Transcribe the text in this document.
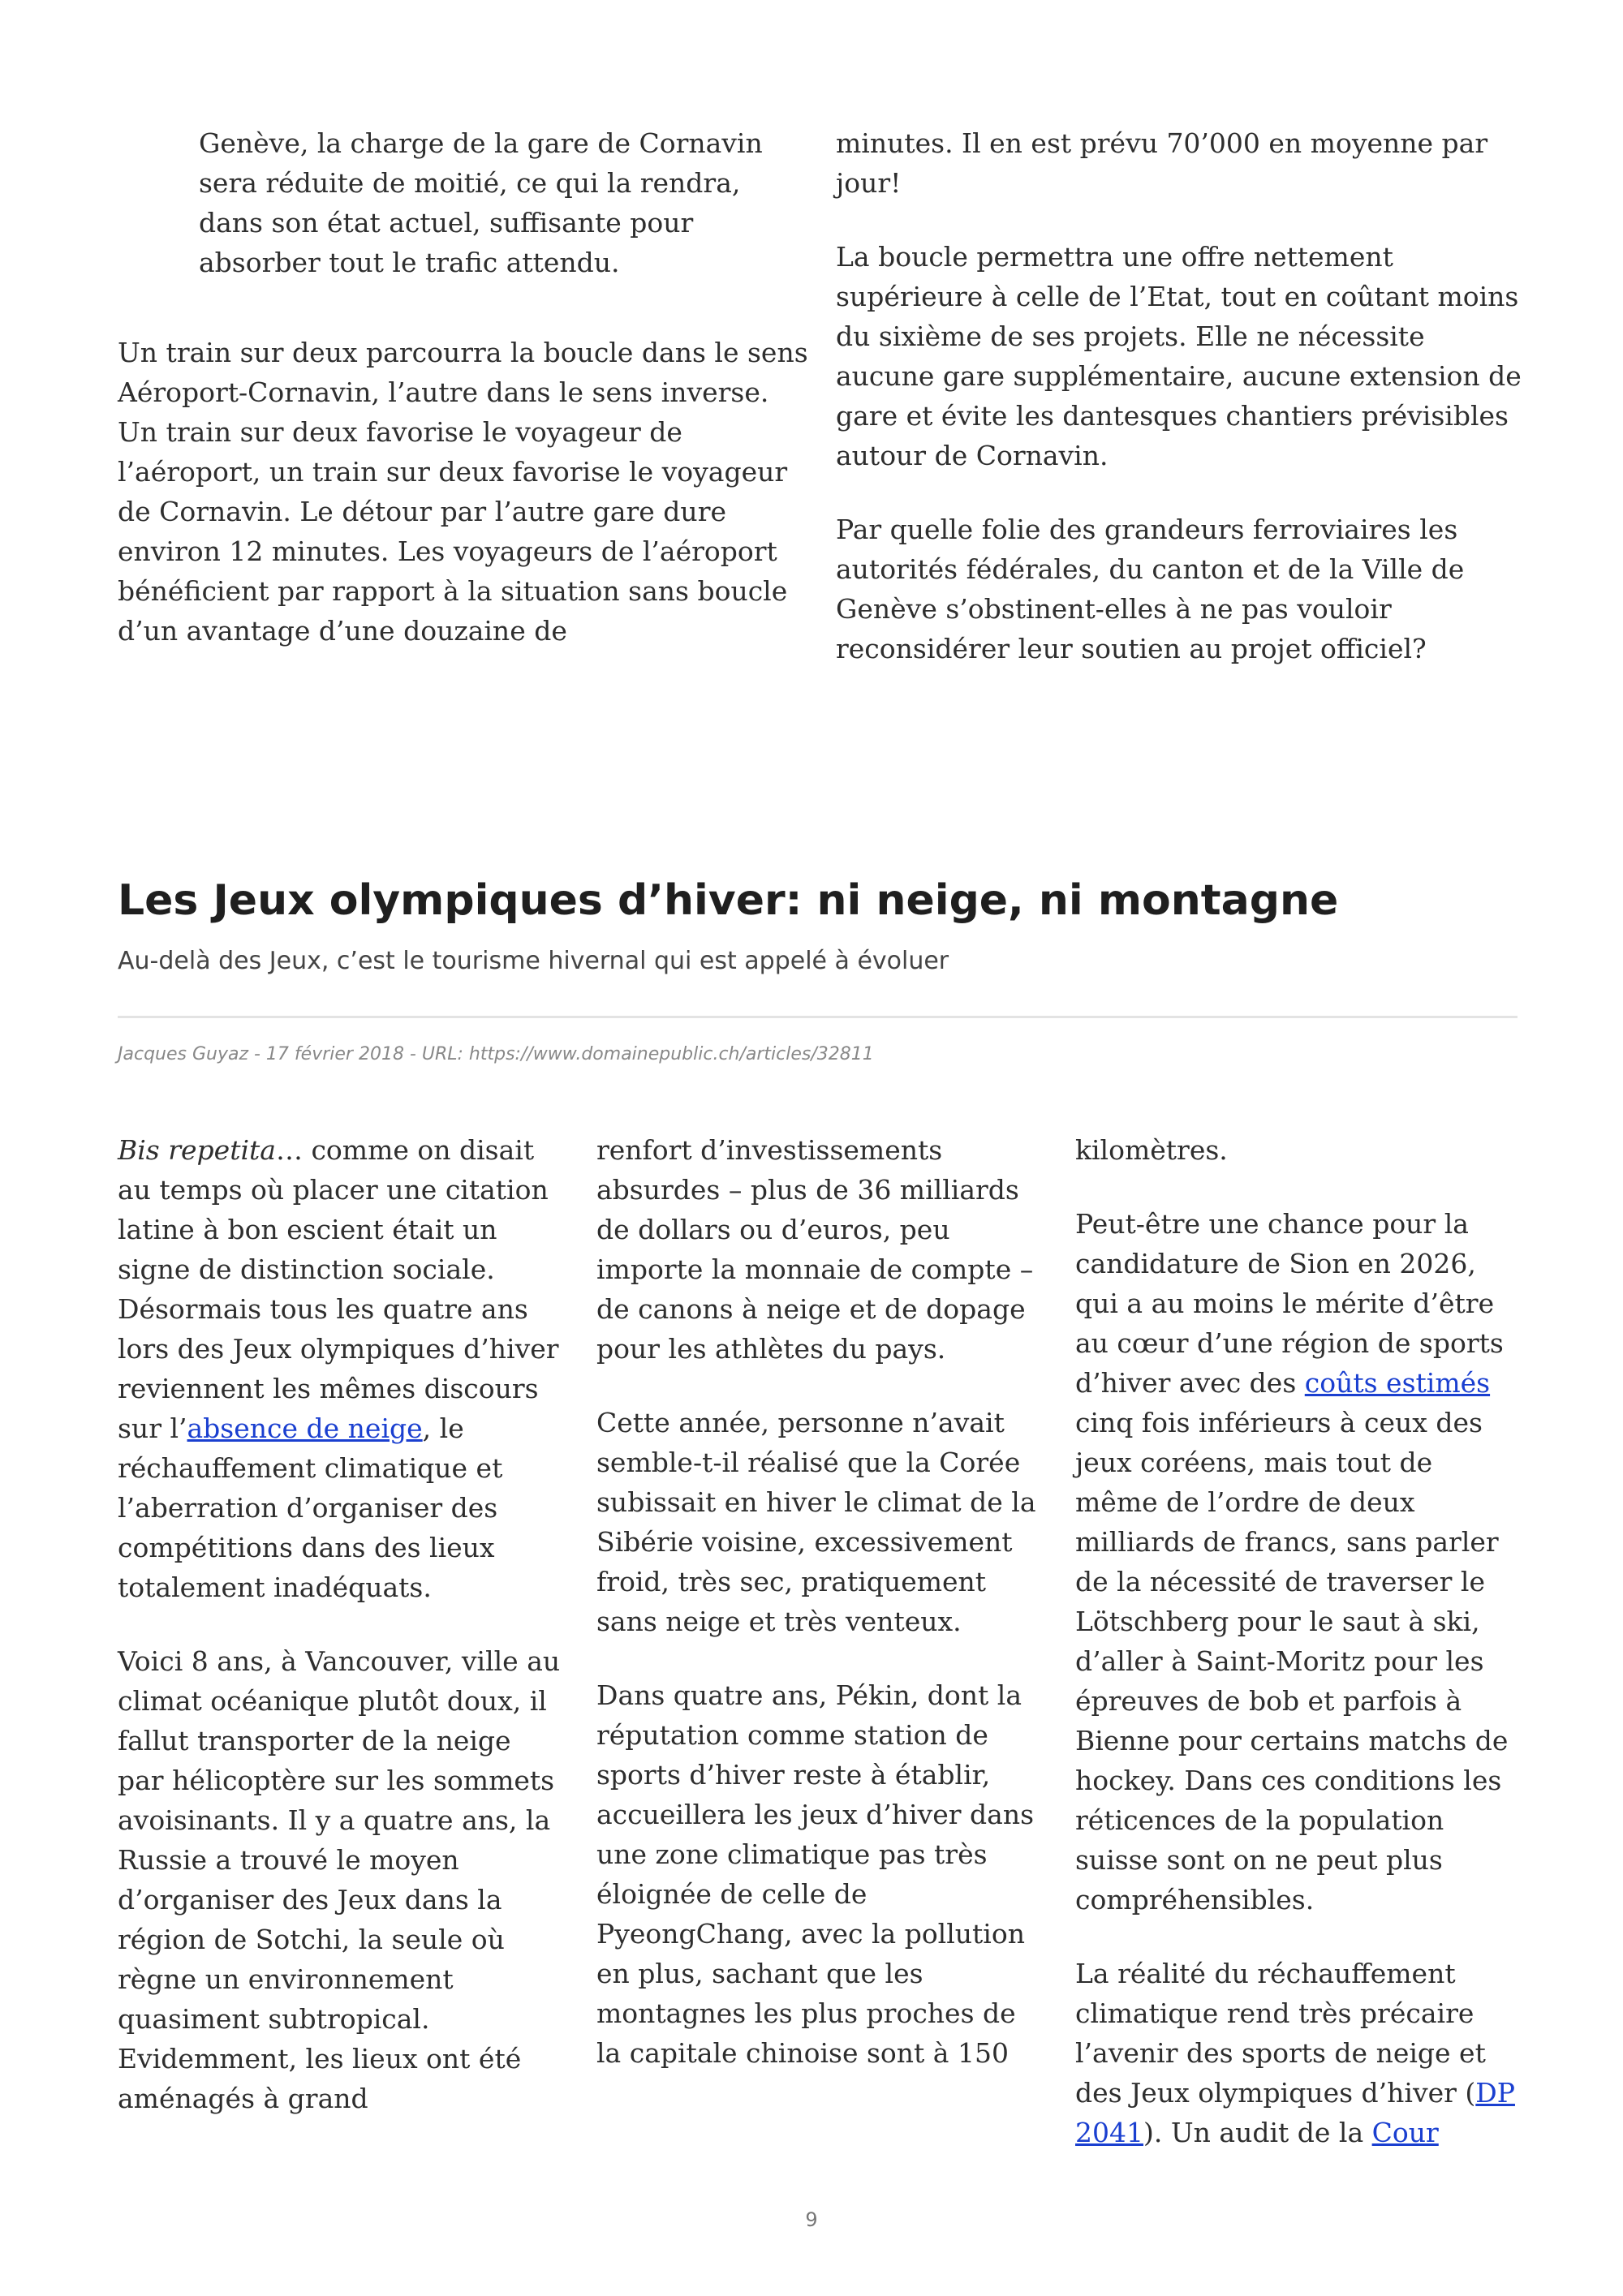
Genève, la charge de la gare de Cornavin sera réduite de moitié, ce qui la rendra, dans son état actuel, suffisante pour absorber tout le trafic attendu.

Un train sur deux parcourra la boucle dans le sens Aéroport-Cornavin, l’autre dans le sens inverse. Un train sur deux favorise le voyageur de l’aéroport, un train sur deux favorise le voyageur de Cornavin. Le détour par l’autre gare dure environ 12 minutes. Les voyageurs de l’aéroport bénéficient par rapport à la situation sans boucle d’un avantage d’une douzaine de

minutes. Il en est prévu 70’000 en moyenne par jour!

La boucle permettra une offre nettement supérieure à celle de l’Etat, tout en coûtant moins du sixième de ses projets. Elle ne nécessite aucune gare supplémentaire, aucune extension de gare et évite les dantesques chantiers prévisibles autour de Cornavin.

Par quelle folie des grandeurs ferroviaires les autorités fédérales, du canton et de la Ville de Genève s’obstinent-elles à ne pas vouloir reconsidérer leur soutien au projet officiel?

Les Jeux olympiques d’hiver: ni neige, ni montagne
Au-delà des Jeux, c’est le tourisme hivernal qui est appelé à évoluer
Jacques Guyaz - 17 février 2018 - URL: https://www.domainepublic.ch/articles/32811

Bis repetita… comme on disait au temps où placer une citation latine à bon escient était un signe de distinction sociale. Désormais tous les quatre ans lors des Jeux olympiques d’hiver reviennent les mêmes discours sur l’absence de neige, le réchauffement climatique et l’aberration d’organiser des compétitions dans des lieux totalement inadéquats.

Voici 8 ans, à Vancouver, ville au climat océanique plutôt doux, il fallut transporter de la neige par hélicoptère sur les sommets avoisinants. Il y a quatre ans, la Russie a trouvé le moyen d’organiser des Jeux dans la région de Sotchi, la seule où règne un environnement quasiment subtropical. Evidemment, les lieux ont été aménagés à grand

renfort d’investissements absurdes – plus de 36 milliards de dollars ou d’euros, peu importe la monnaie de compte – de canons à neige et de dopage pour les athlètes du pays.

Cette année, personne n’avait semble-t-il réalisé que la Corée subissait en hiver le climat de la Sibérie voisine, excessivement froid, très sec, pratiquement sans neige et très venteux.

Dans quatre ans, Pékin, dont la réputation comme station de sports d’hiver reste à établir, accueillera les jeux d’hiver dans une zone climatique pas très éloignée de celle de PyeongChang, avec la pollution en plus, sachant que les montagnes les plus proches de la capitale chinoise sont à 150

kilomètres.

Peut-être une chance pour la candidature de Sion en 2026, qui a au moins le mérite d’être au cœur d’une région de sports d’hiver avec des coûts estimés cinq fois inférieurs à ceux des jeux coréens, mais tout de même de l’ordre de deux milliards de francs, sans parler de la nécessité de traverser le Lötschberg pour le saut à ski, d’aller à Saint-Moritz pour les épreuves de bob et parfois à Bienne pour certains matchs de hockey. Dans ces conditions les réticences de la population suisse sont on ne peut plus compréhensibles.

La réalité du réchauffement climatique rend très précaire l’avenir des sports de neige et des Jeux olympiques d’hiver (DP 2041). Un audit de la Cour

9
